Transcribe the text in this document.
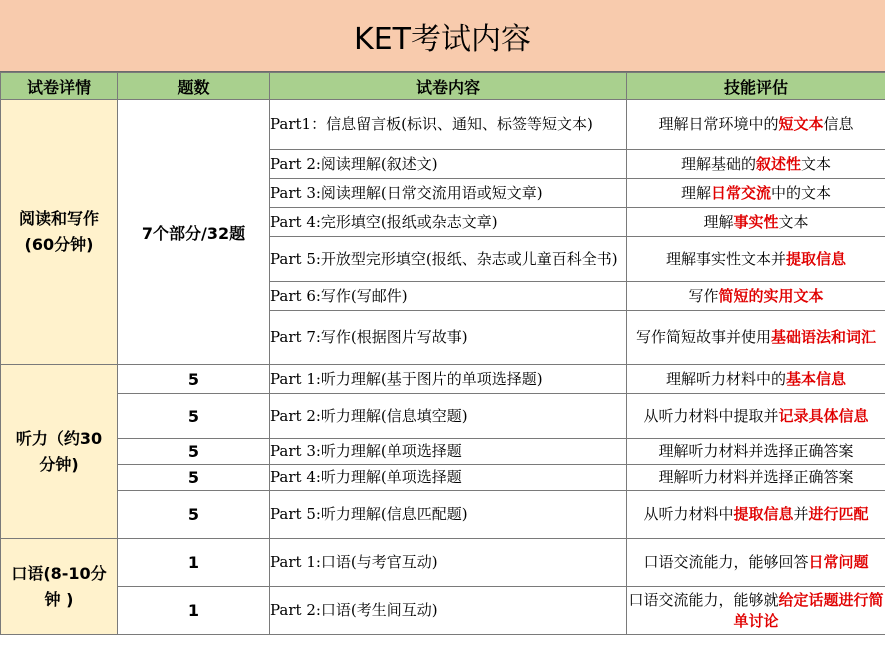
KET考试内容
试卷详情	题数	试卷内容	技能评估

阅读和写作
(60分钟)	7个部分/32题	Part1：信息留言板(标识、通知、标签等短文本)	理解日常环境中的短文本信息
		Part 2:阅读理解(叙述文)	理解基础的叙述性文本
		Part 3:阅读理解(日常交流用语或短文章)	理解日常交流中的文本
		Part 4:完形填空(报纸或杂志文章)	理解事实性文本
		Part 5:开放型完形填空(报纸、杂志或儿童百科全书)	理解事实性文本并提取信息
		Part 6:写作(写邮件)	写作简短的实用文本
		Part 7:写作(根据图片写故事)	写作简短故事并使用基础语法和词汇

听力（约30
分钟)	5	Part 1:听力理解(基于图片的单项选择题)	理解听力材料中的基本信息
	5	Part 2:听力理解(信息填空题)	从听力材料中提取并记录具体信息
	5	Part 3:听力理解(单项选择题	理解听力材料并选择正确答案
	5	Part 4:听力理解(单项选择题	理解听力材料并选择正确答案
	5	Part 5:听力理解(信息匹配题)	从听力材料中提取信息并进行匹配

口语(8-10分
钟 )	1	Part 1:口语(与考官互动)	口语交流能力，能够回答日常问题
	1	Part 2:口语(考生间互动)	口语交流能力，能够就给定话题进行简单讨论
